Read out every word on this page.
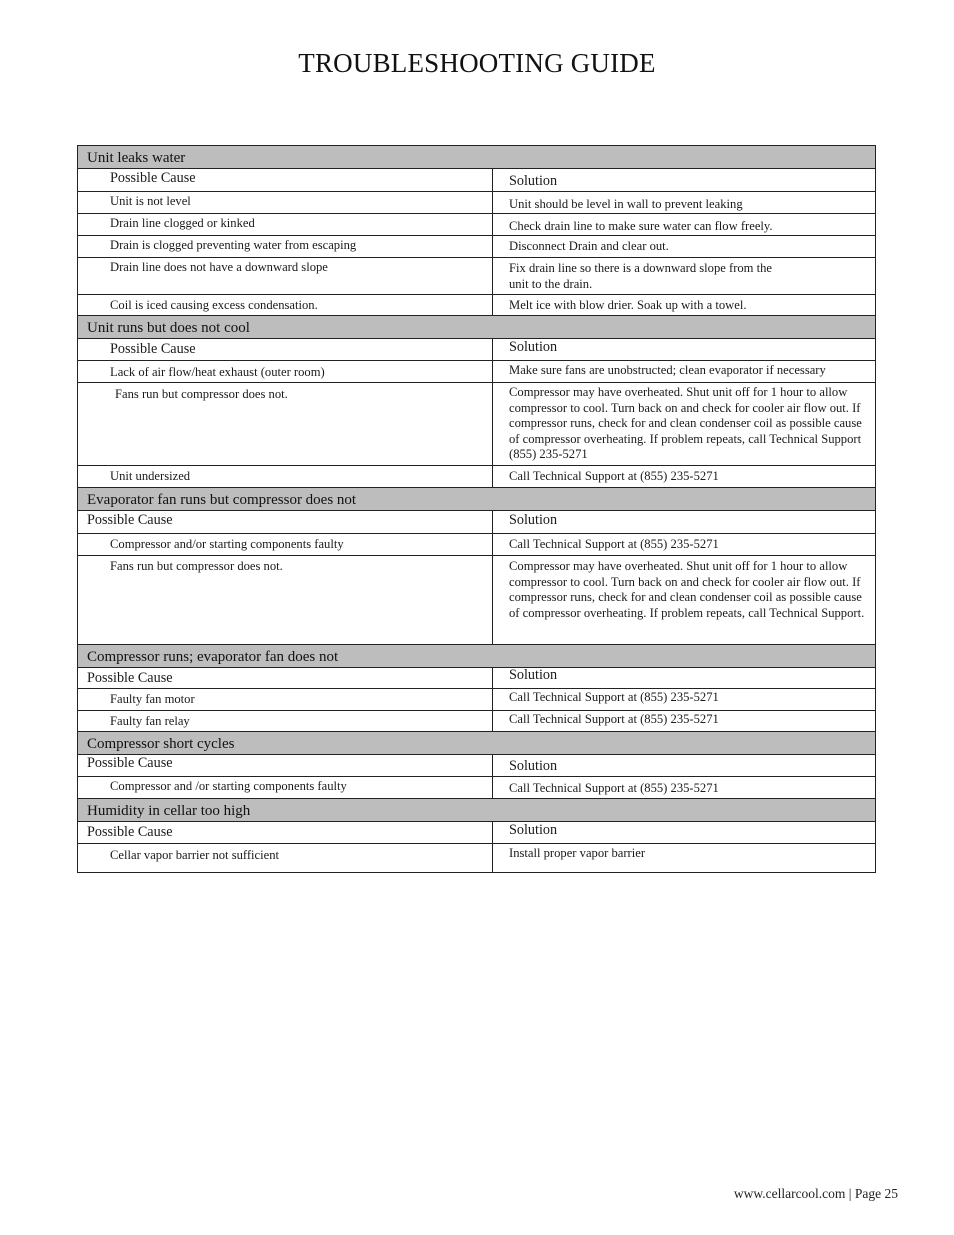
TROUBLESHOOTING GUIDE
Unit leaks water
Possible Cause	Solution
Unit is not level	Unit should be level in wall to prevent leaking
Drain line clogged or kinked	Check drain line to make sure water can flow freely.
Drain is clogged preventing water from escaping	Disconnect Drain and clear out.
Drain line does not have a downward slope	Fix drain line so there is a downward slope from the
unit to the drain.
Coil is iced causing excess condensation.	Melt ice with blow drier. Soak up with a towel.
Unit runs but does not cool
Possible Cause	Solution
Lack of air flow/heat exhaust (outer room)	Make sure fans are unobstructed; clean evaporator if necessary
Fans run but compressor does not.	Compressor may have overheated. Shut unit off for 1 hour to allow compressor to cool. Turn back on and check for cooler air flow out. If compressor runs, check for and clean condenser coil as possible cause of compressor overheating. If problem repeats, call Technical Support (855) 235-5271
Unit undersized	Call Technical Support at (855) 235-5271
Evaporator fan runs but compressor does not
Possible Cause	Solution
Compressor and/or starting components faulty	Call Technical Support at (855) 235-5271
Fans run but compressor does not.	Compressor may have overheated. Shut unit off for 1 hour to allow compressor to cool. Turn back on and check for cooler air flow out. If compressor runs, check for and clean condenser coil as possible cause of compressor overheating. If problem repeats, call Technical Support.
Compressor runs; evaporator fan does not
Possible Cause	Solution
Faulty fan motor	Call Technical Support at (855) 235-5271
Faulty fan relay	Call Technical Support at (855) 235-5271
Compressor short cycles
Possible Cause	Solution
Compressor and /or starting components faulty	Call Technical Support at (855) 235-5271
Humidity in cellar too high
Possible Cause	Solution
Cellar vapor barrier not sufficient	Install proper vapor barrier
www.cellarcool.com | Page 25
